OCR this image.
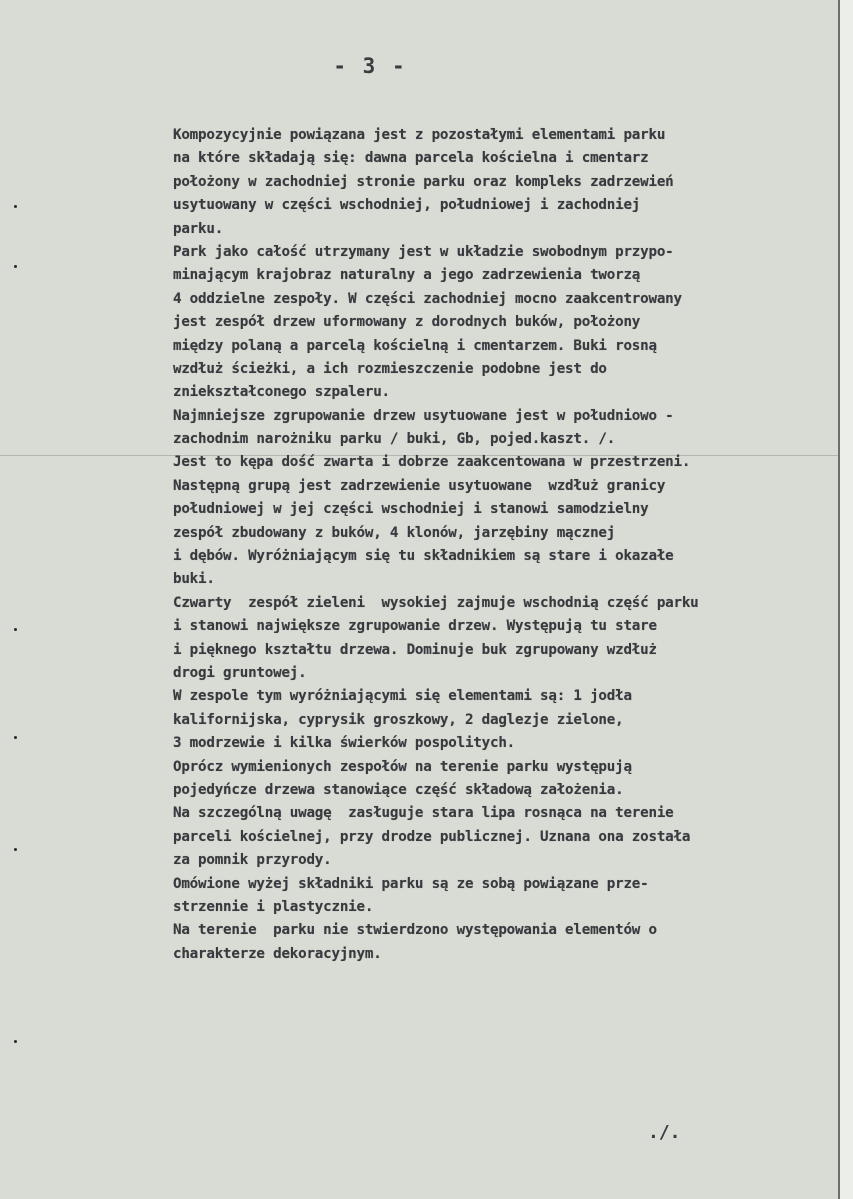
- 3 -
Kompozycyjnie powiązana jest z pozostałymi elementami parku
na które składają się: dawna parcela kościelna i cmentarz
położony w zachodniej stronie parku oraz kompleks zadrzewień
usytuowany w części wschodniej, południowej i zachodniej
parku.
Park jako całość utrzymany jest w układzie swobodnym przypo-
minającym krajobraz naturalny a jego zadrzewienia tworzą
4 oddzielne zespoły. W części zachodniej mocno zaakcentrowany
jest zespół drzew uformowany z dorodnych buków, położony
między polaną a parcelą kościelną i cmentarzem. Buki rosną
wzdłuż ścieżki, a ich rozmieszczenie podobne jest do
zniekształconego szpaleru.
Najmniejsze zgrupowanie drzew usytuowane jest w południowo -
zachodnim narożniku parku / buki, Gb, pojed.kaszt. /.
Jest to kępa dość zwarta i dobrze zaakcentowana w przestrzeni.
Następną grupą jest zadrzewienie usytuowane  wzdłuż granicy
południowej w jej części wschodniej i stanowi samodzielny
zespół zbudowany z buków, 4 klonów, jarzębiny mącznej
i dębów. Wyróżniającym się tu składnikiem są stare i okazałe
buki.
Czwarty  zespół zieleni  wysokiej zajmuje wschodnią część parku
i stanowi największe zgrupowanie drzew. Występują tu stare
i pięknego kształtu drzewa. Dominuje buk zgrupowany wzdłuż
drogi gruntowej.
W zespole tym wyróżniającymi się elementami są: 1 jodła
kalifornijska, cyprysik groszkowy, 2 daglezje zielone,
3 modrzewie i kilka świerków pospolitych.
Oprócz wymienionych zespołów na terenie parku występują
pojedyńcze drzewa stanowiące część składową założenia.
Na szczególną uwagę  zasługuje stara lipa rosnąca na terenie
parceli kościelnej, przy drodze publicznej. Uznana ona została
za pomnik przyrody.
Omówione wyżej składniki parku są ze sobą powiązane prze-
strzennie i plastycznie.
Na terenie  parku nie stwierdzono występowania elementów o
charakterze dekoracyjnym.
./.
